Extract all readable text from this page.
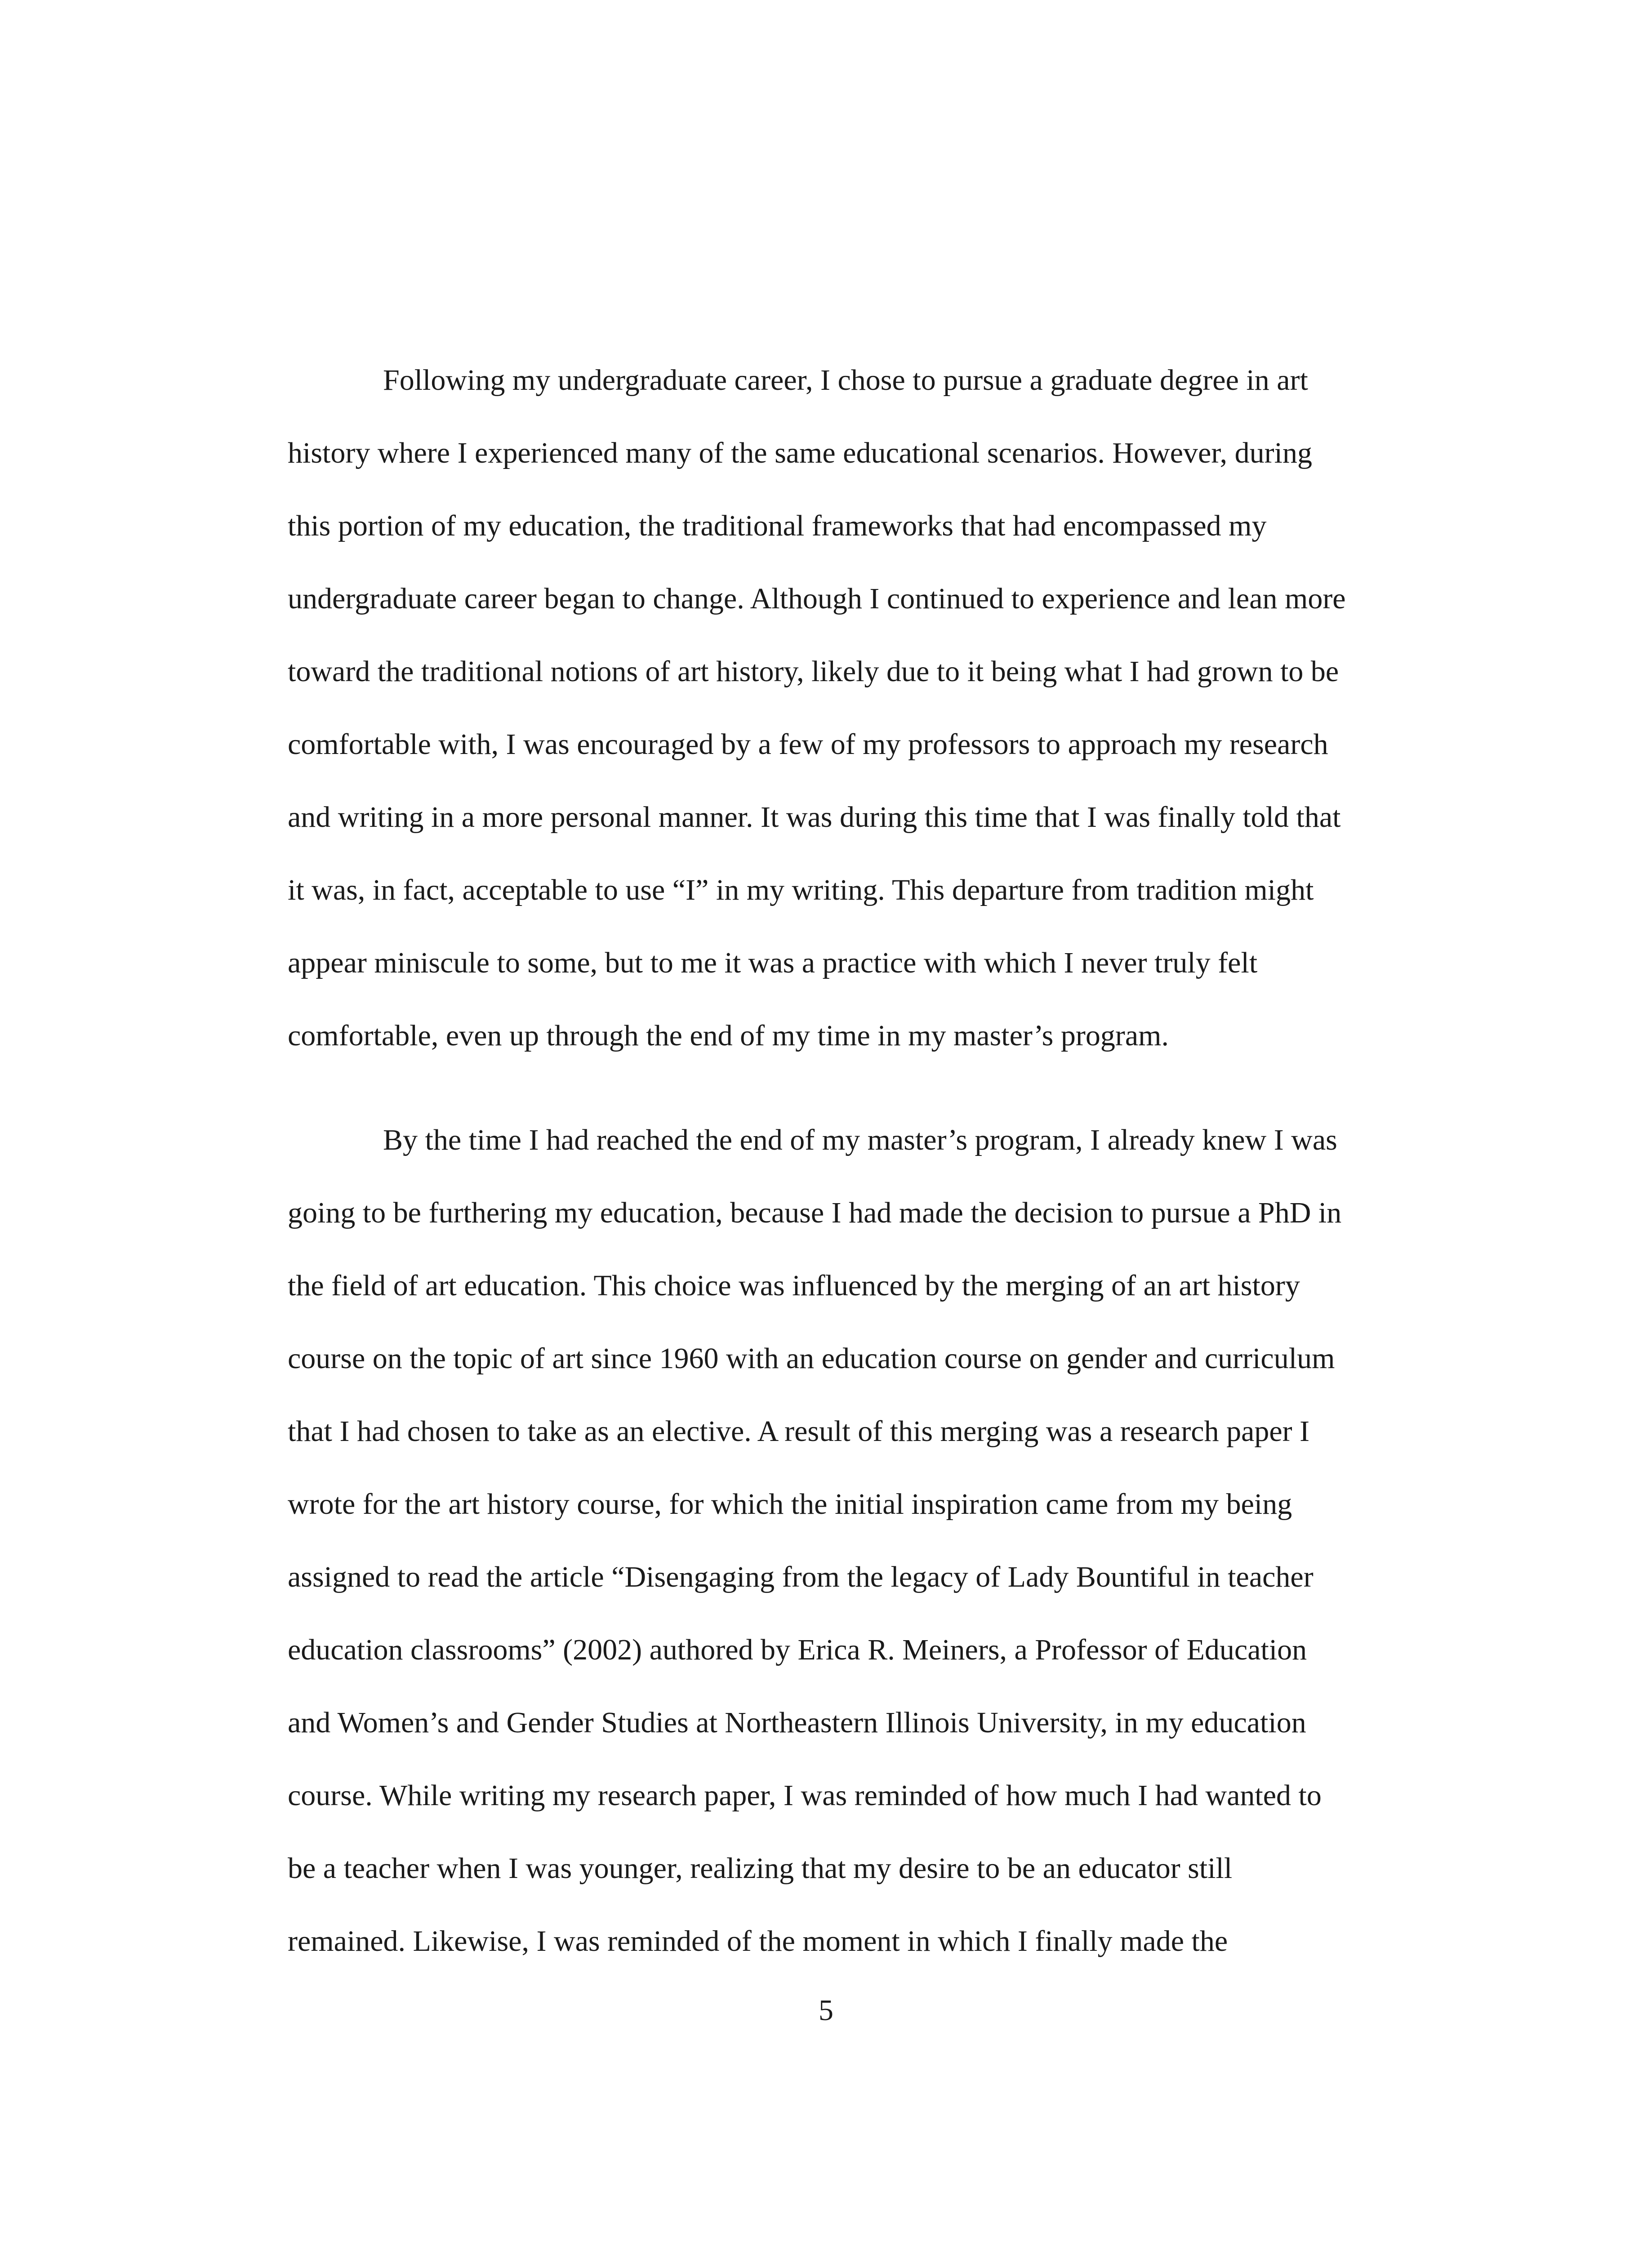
Following my undergraduate career, I chose to pursue a graduate degree in art
history where I experienced many of the same educational scenarios. However, during
this portion of my education, the traditional frameworks that had encompassed my
undergraduate career began to change. Although I continued to experience and lean more
toward the traditional notions of art history, likely due to it being what I had grown to be
comfortable with, I was encouraged by a few of my professors to approach my research
and writing in a more personal manner. It was during this time that I was finally told that
it was, in fact, acceptable to use “I” in my writing. This departure from tradition might
appear miniscule to some, but to me it was a practice with which I never truly felt
comfortable, even up through the end of my time in my master’s program.
By the time I had reached the end of my master’s program, I already knew I was
going to be furthering my education, because I had made the decision to pursue a PhD in
the field of art education. This choice was influenced by the merging of an art history
course on the topic of art since 1960 with an education course on gender and curriculum
that I had chosen to take as an elective. A result of this merging was a research paper I
wrote for the art history course, for which the initial inspiration came from my being
assigned to read the article “Disengaging from the legacy of Lady Bountiful in teacher
education classrooms” (2002) authored by Erica R. Meiners, a Professor of Education
and Women’s and Gender Studies at Northeastern Illinois University, in my education
course. While writing my research paper, I was reminded of how much I had wanted to
be a teacher when I was younger, realizing that my desire to be an educator still
remained. Likewise, I was reminded of the moment in which I finally made the
5
